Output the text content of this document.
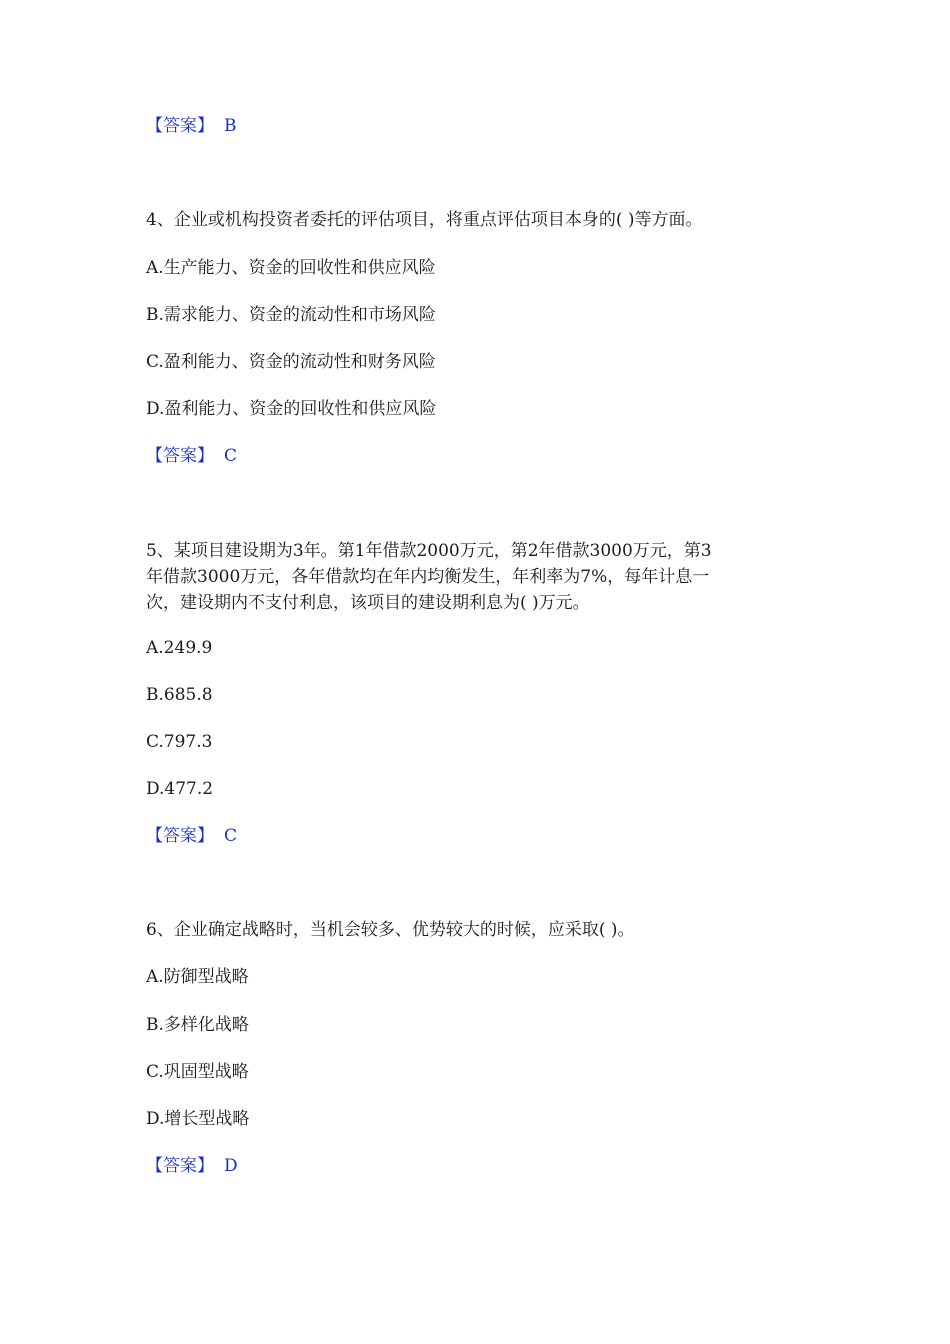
【答案】 B
4、企业或机构投资者委托的评估项目，将重点评估项目本身的( )等方面。
A.生产能力、资金的回收性和供应风险
B.需求能力、资金的流动性和市场风险
C.盈利能力、资金的流动性和财务风险
D.盈利能力、资金的回收性和供应风险
【答案】 C
5、某项目建设期为3年。第1年借款2000万元，第2年借款3000万元，第3
年借款3000万元，各年借款均在年内均衡发生，年利率为7%，每年计息一
次，建设期内不支付利息，该项目的建设期利息为( )万元。
A.249.9
B.685.8
C.797.3
D.477.2
【答案】 C
6、企业确定战略时，当机会较多、优势较大的时候，应采取( )。
A.防御型战略
B.多样化战略
C.巩固型战略
D.增长型战略
【答案】 D
